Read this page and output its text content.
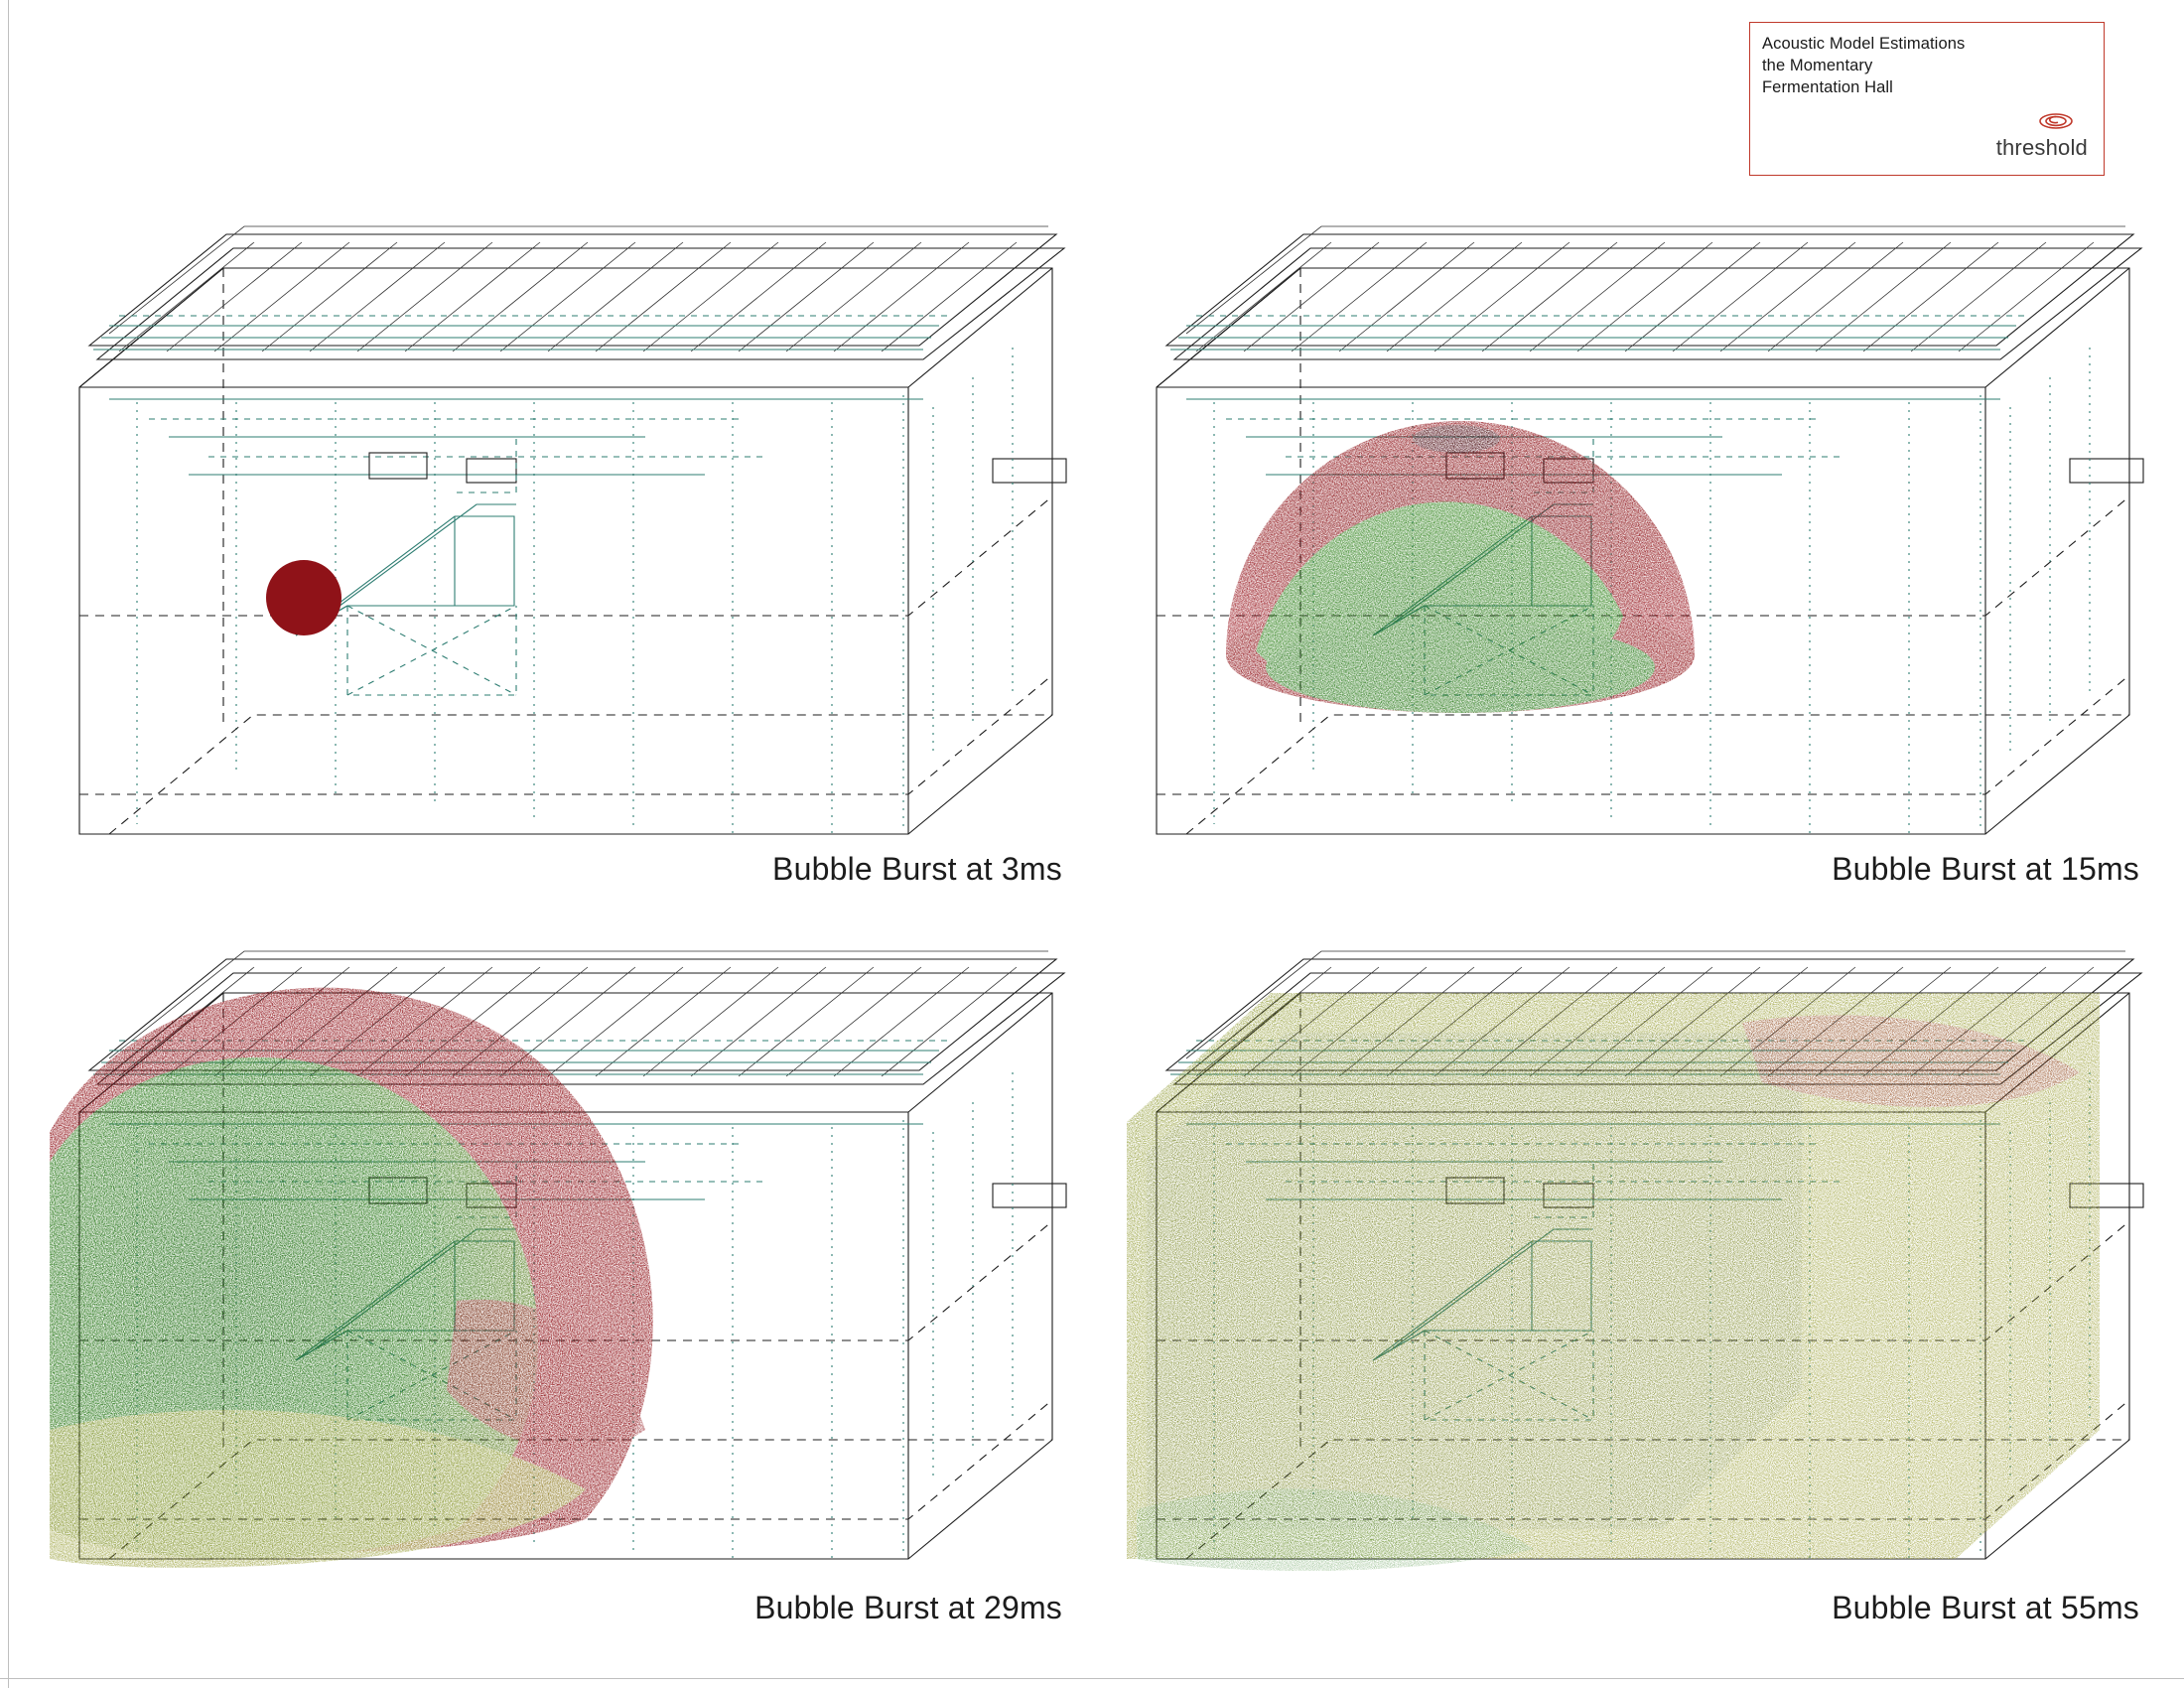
Acoustic Model Estimations
the Momentary
Fermentation Hall
threshold
Bubble Burst at 3ms	Bubble Burst at 15ms
Bubble Burst at 29ms	Bubble Burst at 55ms
